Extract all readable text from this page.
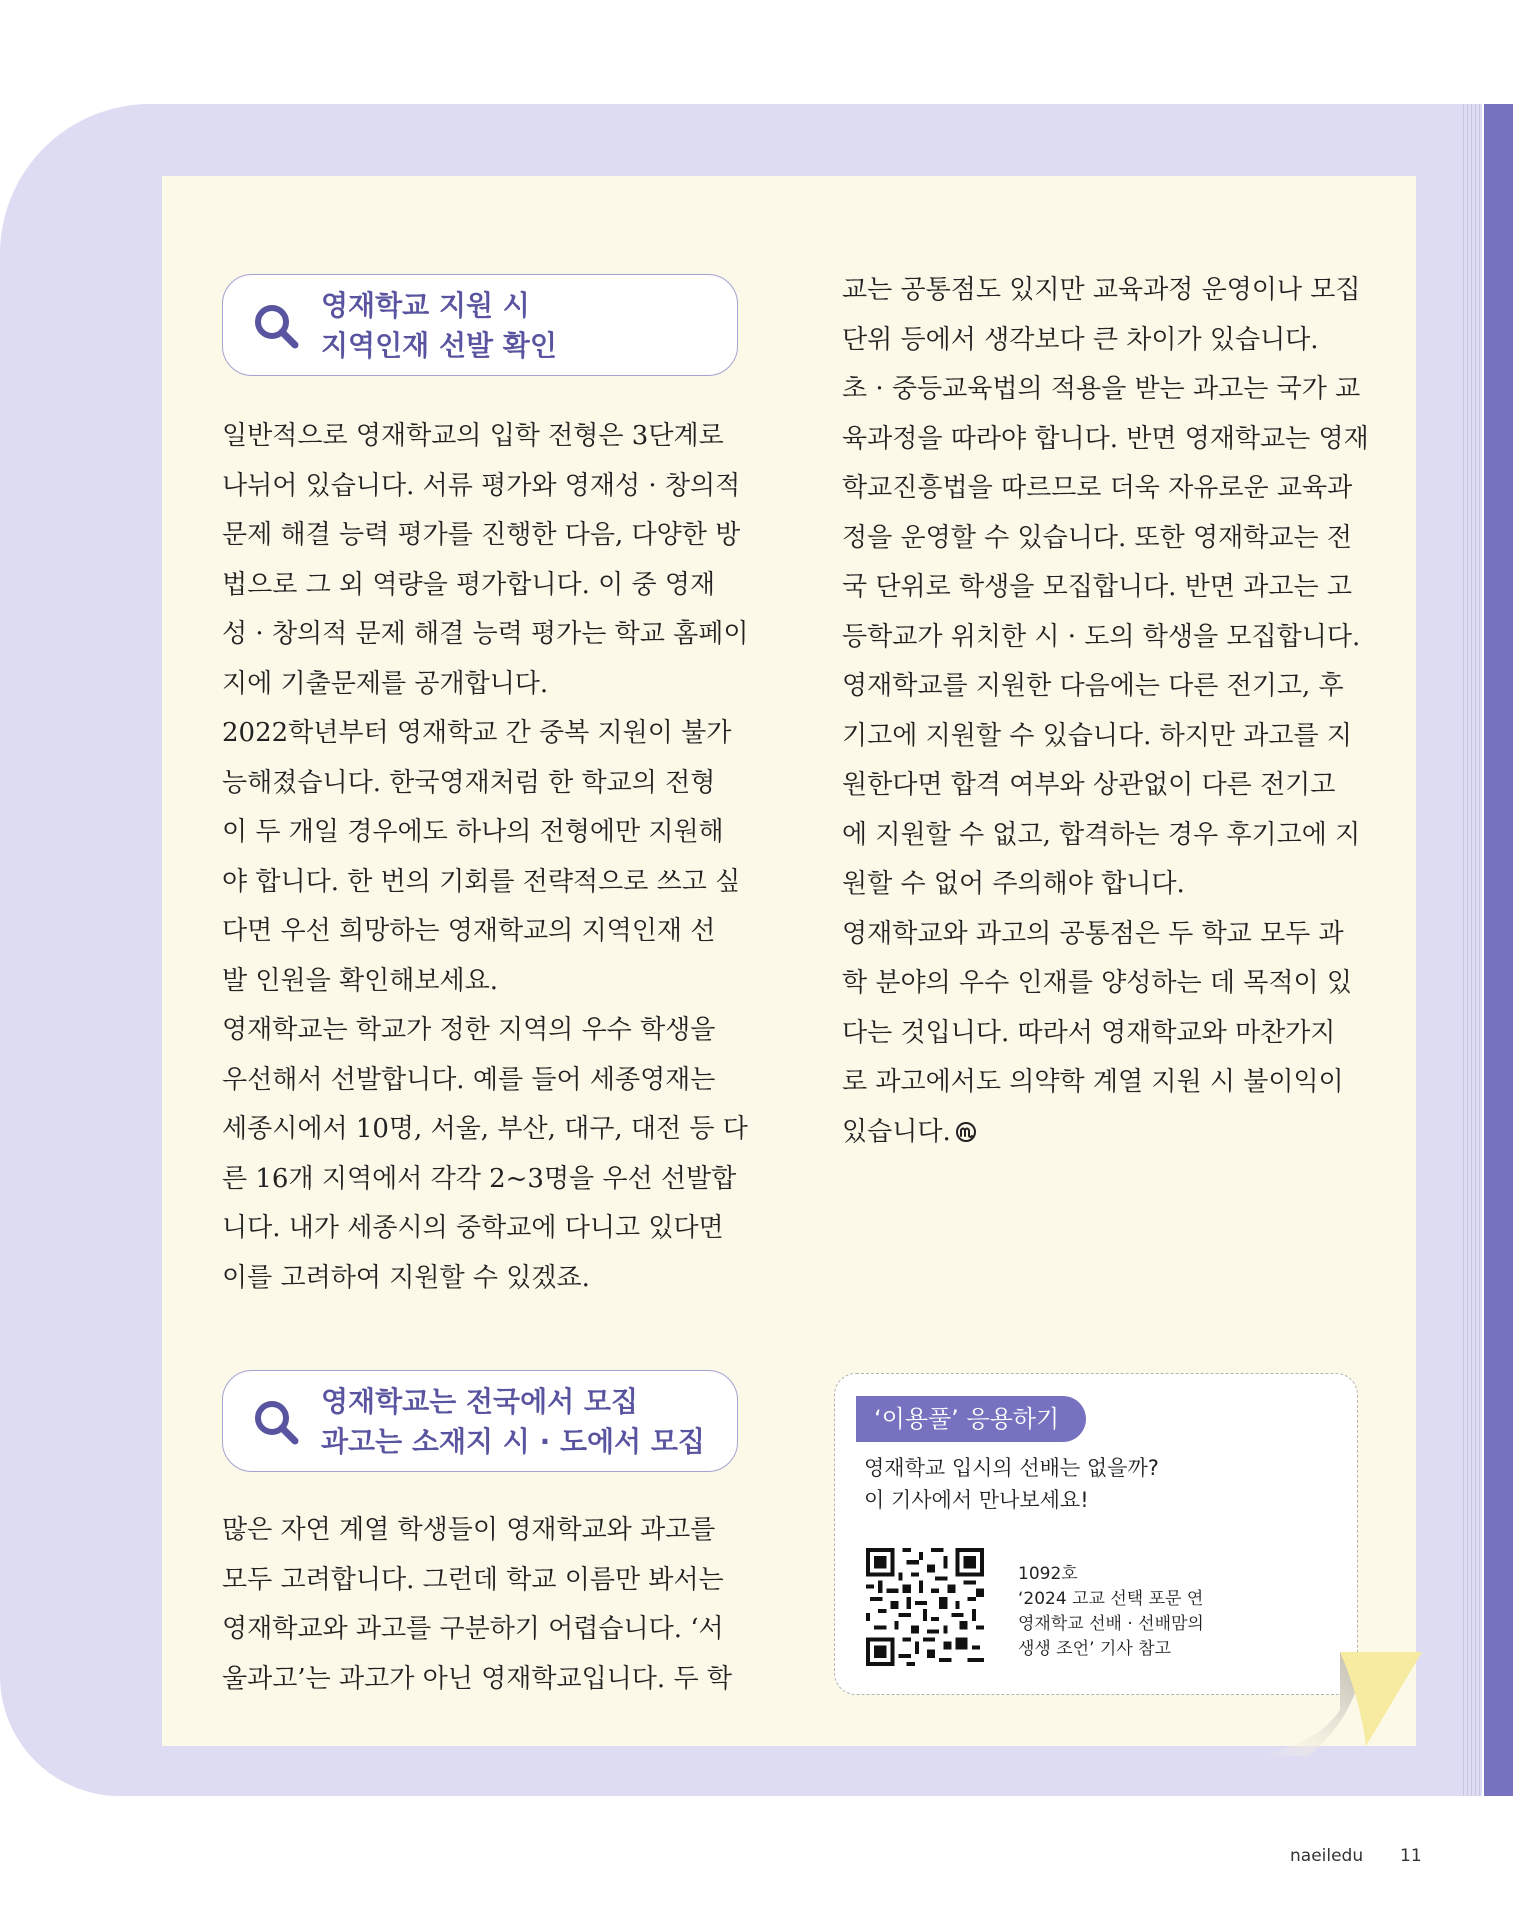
영재학교 지원 시
지역인재 선발 확인
일반적으로 영재학교의 입학 전형은 3단계로
나뉘어 있습니다. 서류 평가와 영재성 · 창의적
문제 해결 능력 평가를 진행한 다음, 다양한 방
법으로 그 외 역량을 평가합니다. 이 중 영재
성 · 창의적 문제 해결 능력 평가는 학교 홈페이
지에 기출문제를 공개합니다.
2022학년부터 영재학교 간 중복 지원이 불가
능해졌습니다. 한국영재처럼 한 학교의 전형
이 두 개일 경우에도 하나의 전형에만 지원해
야 합니다. 한 번의 기회를 전략적으로 쓰고 싶
다면 우선 희망하는 영재학교의 지역인재 선
발 인원을 확인해보세요.
영재학교는 학교가 정한 지역의 우수 학생을
우선해서 선발합니다. 예를 들어 세종영재는
세종시에서 10명, 서울, 부산, 대구, 대전 등 다
른 16개 지역에서 각각 2~3명을 우선 선발합
니다. 내가 세종시의 중학교에 다니고 있다면
이를 고려하여 지원할 수 있겠죠.
영재학교는 전국에서 모집
과고는 소재지 시 · 도에서 모집
많은 자연 계열 학생들이 영재학교와 과고를
모두 고려합니다. 그런데 학교 이름만 봐서는
영재학교와 과고를 구분하기 어렵습니다. ‘서
울과고’는 과고가 아닌 영재학교입니다. 두 학
교는 공통점도 있지만 교육과정 운영이나 모집
단위 등에서 생각보다 큰 차이가 있습니다.
초 · 중등교육법의 적용을 받는 과고는 국가 교
육과정을 따라야 합니다. 반면 영재학교는 영재
학교진흥법을 따르므로 더욱 자유로운 교육과
정을 운영할 수 있습니다. 또한 영재학교는 전
국 단위로 학생을 모집합니다. 반면 과고는 고
등학교가 위치한 시 · 도의 학생을 모집합니다.
영재학교를 지원한 다음에는 다른 전기고, 후
기고에 지원할 수 있습니다. 하지만 과고를 지
원한다면 합격 여부와 상관없이 다른 전기고
에 지원할 수 없고, 합격하는 경우 후기고에 지
원할 수 없어 주의해야 합니다.
영재학교와 과고의 공통점은 두 학교 모두 과
학 분야의 우수 인재를 양성하는 데 목적이 있
다는 것입니다. 따라서 영재학교와 마찬가지
로 과고에서도 의약학 계열 지원 시 불이익이
있습니다.
‘이용풀’ 응용하기
영재학교 입시의 선배는 없을까?
이 기사에서 만나보세요!
1092호
‘2024 고교 선택 포문 연
영재학교 선배 · 선배맘의
생생 조언’ 기사 참고
naeiledu 11
